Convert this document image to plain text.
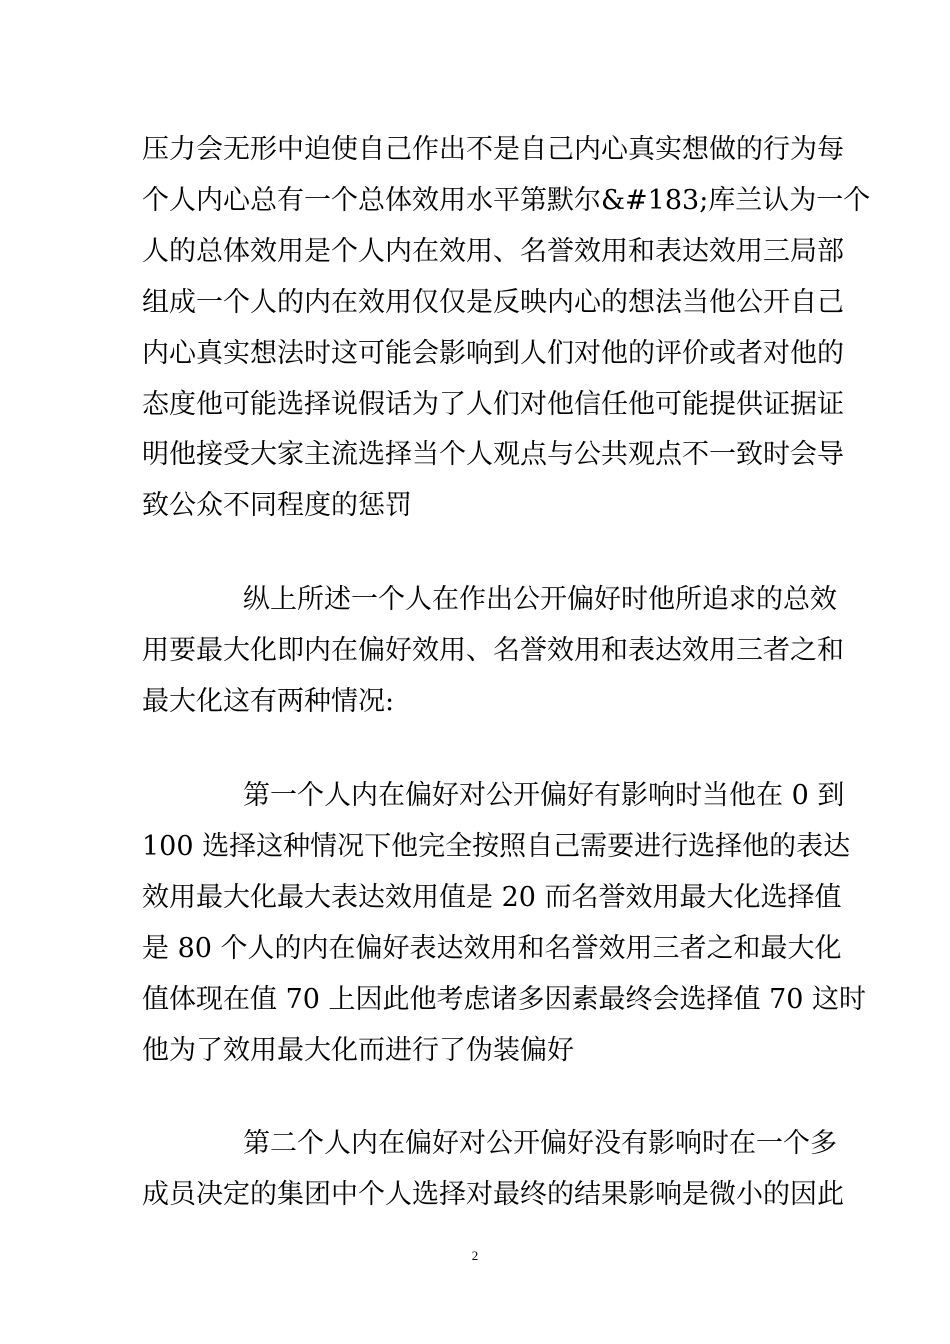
压力会无形中迫使自己作出不是自己内心真实想做的行为每
个人内心总有一个总体效用水平第默尔&#183;库兰认为一个
人的总体效用是个人内在效用、名誉效用和表达效用三局部
组成一个人的内在效用仅仅是反映内心的想法当他公开自己
内心真实想法时这可能会影响到人们对他的评价或者对他的
态度他可能选择说假话为了人们对他信任他可能提供证据证
明他接受大家主流选择当个人观点与公共观点不一致时会导
致公众不同程度的惩罚
纵上所述一个人在作出公开偏好时他所追求的总效
用要最大化即内在偏好效用、名誉效用和表达效用三者之和
最大化这有两种情况:
第一个人内在偏好对公开偏好有影响时当他在 0 到
100 选择这种情况下他完全按照自己需要进行选择他的表达
效用最大化最大表达效用值是 20 而名誉效用最大化选择值
是 80 个人的内在偏好表达效用和名誉效用三者之和最大化
值体现在值 70 上因此他考虑诸多因素最终会选择值 70 这时
他为了效用最大化而进行了伪装偏好
第二个人内在偏好对公开偏好没有影响时在一个多
成员决定的集团中个人选择对最终的结果影响是微小的因此
2
